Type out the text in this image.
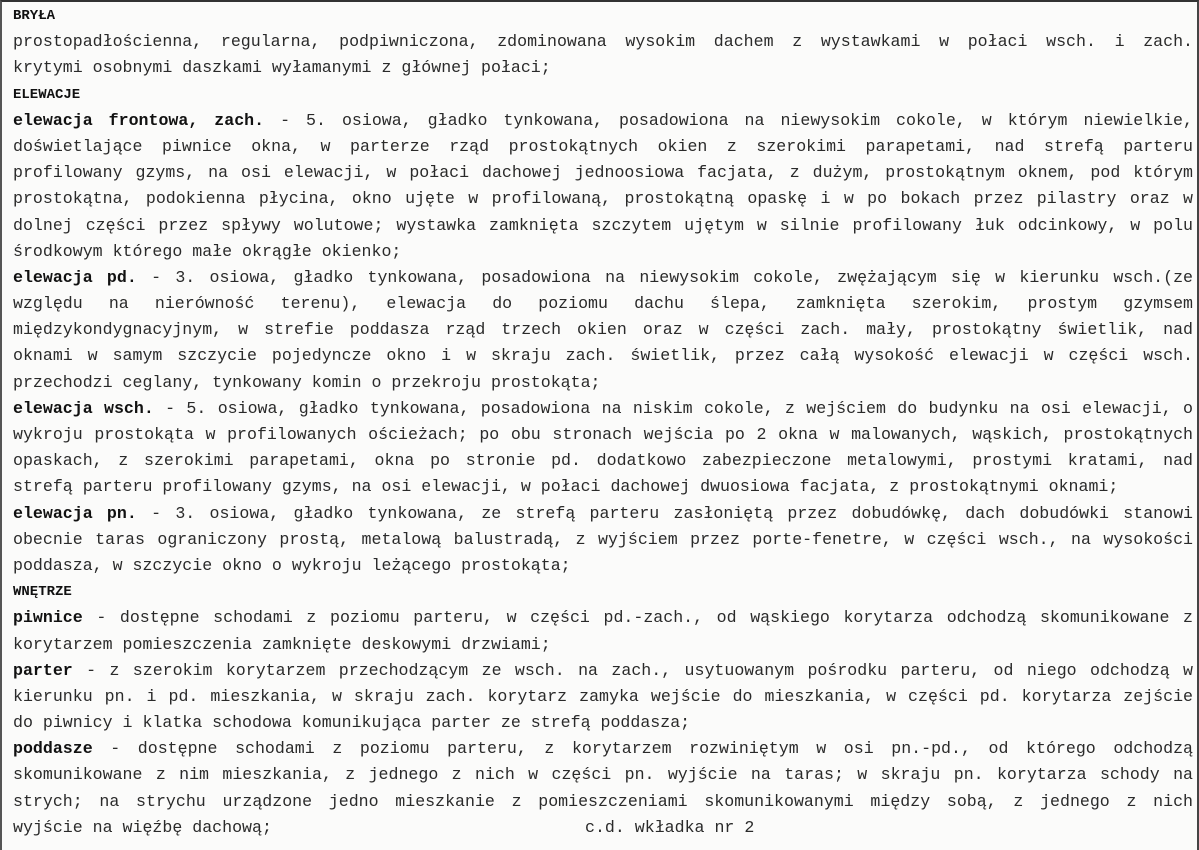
BRYŁA
prostopadłościenna, regularna, podpiwniczona, zdominowana wysokim dachem z wystawkami w połaci wsch. i zach.
krytymi osobnymi daszkami wyłamanymi z głównej połaci;
ELEWACJE
elewacja frontowa, zach. - 5. osiowa, gładko tynkowana, posadowiona na niewysokim cokole, w którym niewielkie,
doświetlające piwnice okna, w parterze rząd prostokątnych okien z szerokimi parapetami, nad strefą parteru
profilowany gzyms, na osi elewacji, w połaci dachowej jednoosiowa facjata, z dużym, prostokątnym oknem, pod którym
prostokątna, podokienna płycina, okno ujęte w profilowaną, prostokątną opaskę i w po bokach przez pilastry oraz w
dolnej części przez spływy wolutowe; wystawka zamknięta szczytem ujętym w silnie profilowany łuk odcinkowy, w polu
środkowym którego małe okrągłe okienko;
elewacja pd. - 3. osiowa, gładko tynkowana, posadowiona na niewysokim cokole, zwężającym się w kierunku wsch.(ze
względu na nierówność terenu), elewacja do poziomu dachu ślepa, zamknięta szerokim, prostym gzymsem
międzykondygnacyjnym, w strefie poddasza rząd trzech okien oraz w części zach. mały, prostokątny świetlik, nad
oknami w samym szczycie pojedyncze okno i w skraju zach. świetlik, przez całą wysokość elewacji w części wsch.
przechodzi ceglany, tynkowany komin o przekroju prostokąta;
elewacja wsch. - 5. osiowa, gładko tynkowana, posadowiona na niskim cokole, z wejściem do budynku na osi elewacji, o
wykroju prostokąta w profilowanych ościeżach; po obu stronach wejścia po 2 okna w malowanych, wąskich, prostokątnych
opaskach, z szerokimi parapetami, okna po stronie pd. dodatkowo zabezpieczone metalowymi, prostymi kratami, nad
strefą parteru profilowany gzyms, na osi elewacji, w połaci dachowej dwuosiowa facjata, z prostokątnymi oknami;
elewacja pn. - 3. osiowa, gładko tynkowana, ze strefą parteru zasłoniętą przez dobudówkę, dach dobudówki stanowi
obecnie taras ograniczony prostą, metalową balustradą, z wyjściem przez porte-fenetre, w części wsch., na wysokości
poddasza, w szczycie okno o wykroju leżącego prostokąta;
WNĘTRZE
piwnice - dostępne schodami z poziomu parteru, w części pd.-zach., od wąskiego korytarza odchodzą skomunikowane z
korytarzem pomieszczenia zamknięte deskowymi drzwiami;
parter - z szerokim korytarzem przechodzącym ze wsch. na zach., usytuowanym pośrodku parteru, od niego odchodzą w
kierunku pn. i pd. mieszkania, w skraju zach. korytarz zamyka wejście do mieszkania, w części pd. korytarza zejście
do piwnicy i klatka schodowa komunikująca parter ze strefą poddasza;
poddasze - dostępne schodami z poziomu parteru, z korytarzem rozwiniętym w osi pn.-pd., od którego odchodzą
skomunikowane z nim mieszkania, z jednego z nich w części pn. wyjście na taras; w skraju pn. korytarza schody na
strych; na strychu urządzone jedno mieszkanie z pomieszczeniami skomunikowanymi między sobą, z jednego z nich
wyjście na więźbę dachową;	c.d. wkładka nr 2
